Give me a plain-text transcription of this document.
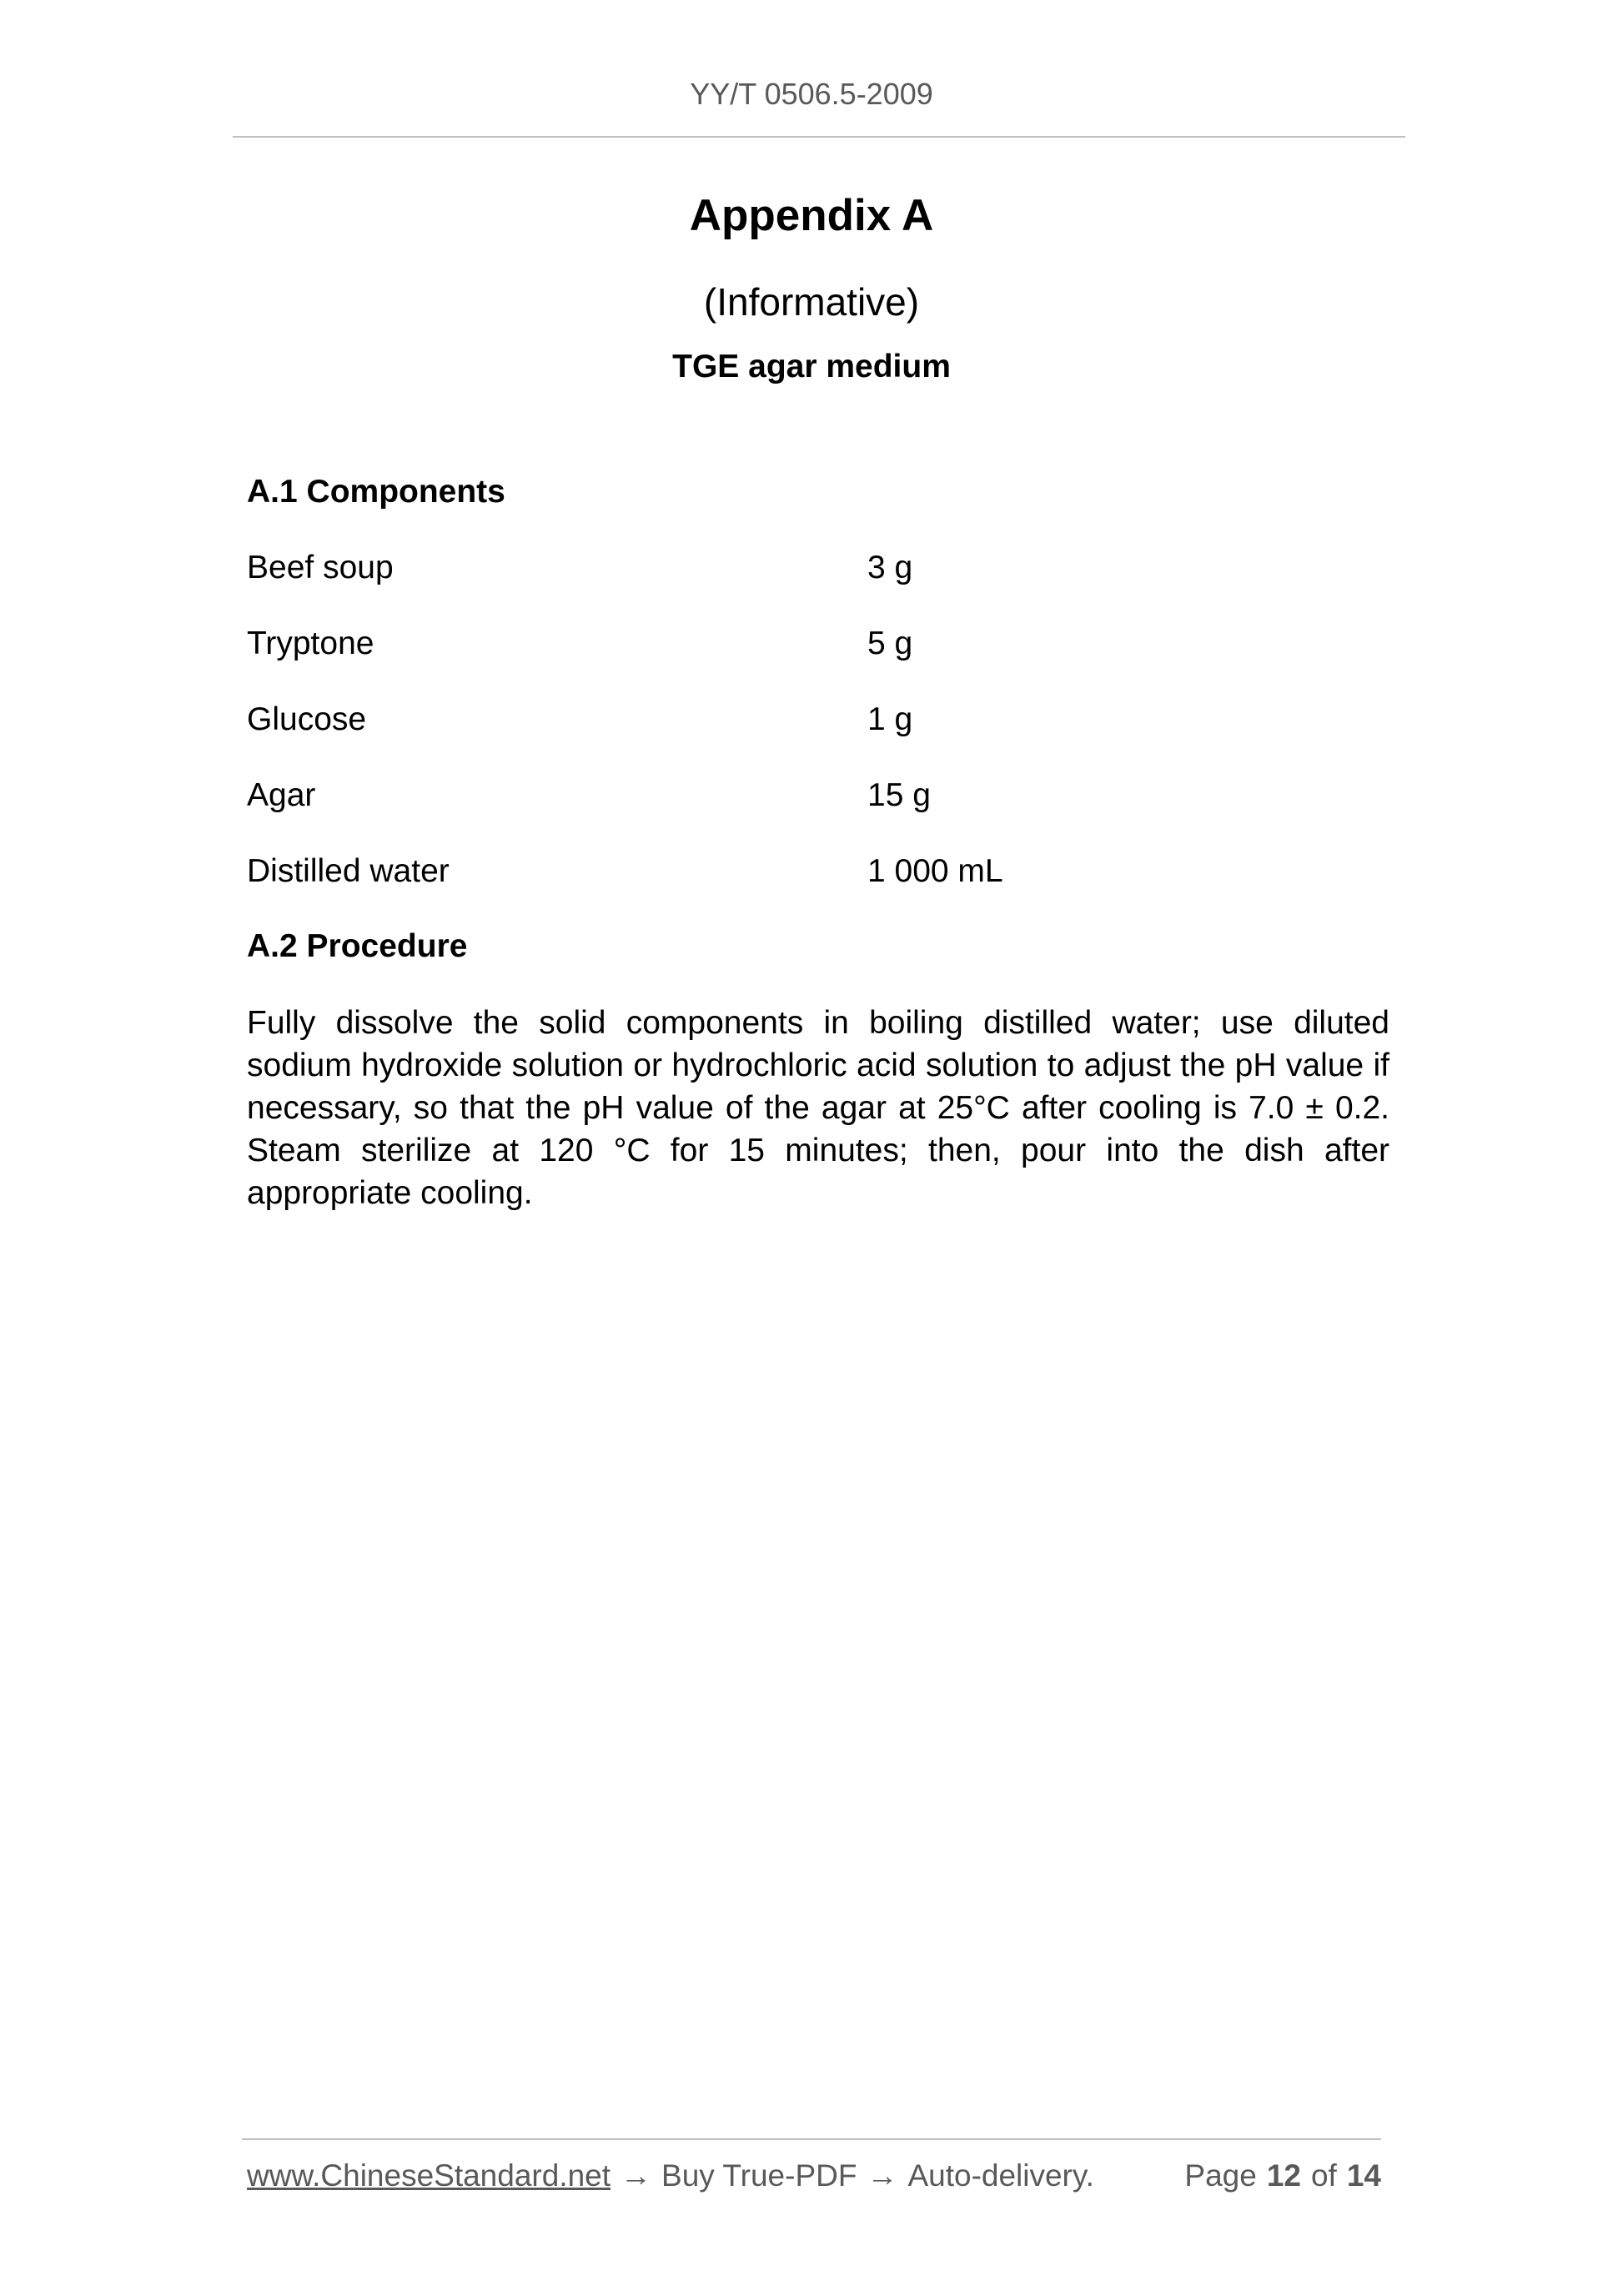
YY/T 0506.5-2009
Appendix A
(Informative)
TGE agar medium
A.1 Components
Beef soup	3 g
Tryptone	5 g
Glucose	1 g
Agar	15 g
Distilled water	1 000 mL
A.2 Procedure

Fully dissolve the solid components in boiling distilled water; use diluted sodium hydroxide solution or hydrochloric acid solution to adjust the pH value if necessary, so that the pH value of the agar at 25°C after cooling is 7.0 ± 0.2. Steam sterilize at 120 °C for 15 minutes; then, pour into the dish after appropriate cooling.

www.ChineseStandard.net → Buy True-PDF → Auto-delivery.	Page 12 of 14
